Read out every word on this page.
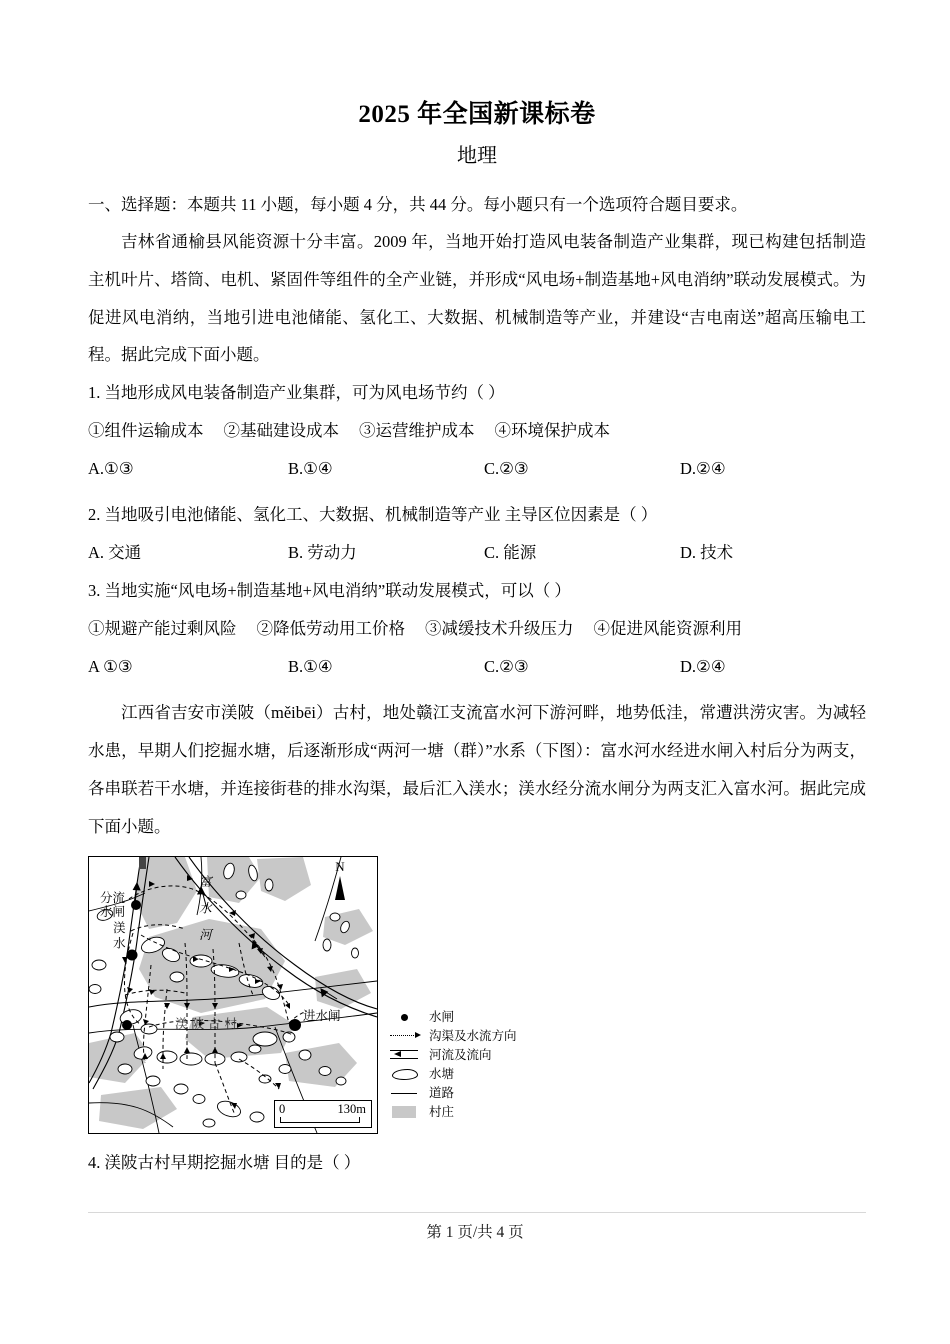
2025 年全国新课标卷
地理

一、选择题：本题共 11 小题，每小题 4 分，共 44 分。每小题只有一个选项符合题目要求。

吉林省通榆县风能资源十分丰富。2009 年，当地开始打造风电装备制造产业集群，现已构建包括制造主机叶片、塔筒、电机、紧固件等组件的全产业链，并形成“风电场+制造基地+风电消纳”联动发展模式。为促进风电消纳，当地引进电池储能、氢化工、大数据、机械制造等产业，并建设“吉电南送”超高压输电工程。据此完成下面小题。

1. 当地形成风电装备制造产业集群，可为风电场节约（ ）

①组件运输成本 ②基础建设成本 ③运营维护成本 ④环境保护成本

A.①③	B.①④	C.②③	D.②④

2. 当地吸引电池储能、氢化工、大数据、机械制造等产业 主导区位因素是（ ）

A. 交通	B. 劳动力	C. 能源	D. 技术

3. 当地实施“风电场+制造基地+风电消纳”联动发展模式，可以（ ）

①规避产能过剩风险 ②降低劳动用工价格 ③减缓技术升级压力 ④促进风能资源利用

A ①③	B.①④	C.②③	D.②④

江西省吉安市渼陂（měibēi）古村，地处赣江支流富水河下游河畔，地势低洼，常遭洪涝灾害。为减轻水患，早期人们挖掘水塘，后逐渐形成“两河一塘（群）”水系（下图）：富水河水经进水闸入村后分为两支，各串联若干水塘，并连接街巷的排水沟渠，最后汇入渼水；渼水经分流水闸分为两支汇入富水河。据此完成下面小题。

N
分流
水闸
渼水	富水河
进水闸
渼陂古村
0	130m
水闸
沟渠及水流方向
河流及流向
水塘
道路
村庄

4. 渼陂古村早期挖掘水塘 目的是（ ）

第 1 页/共 4 页
